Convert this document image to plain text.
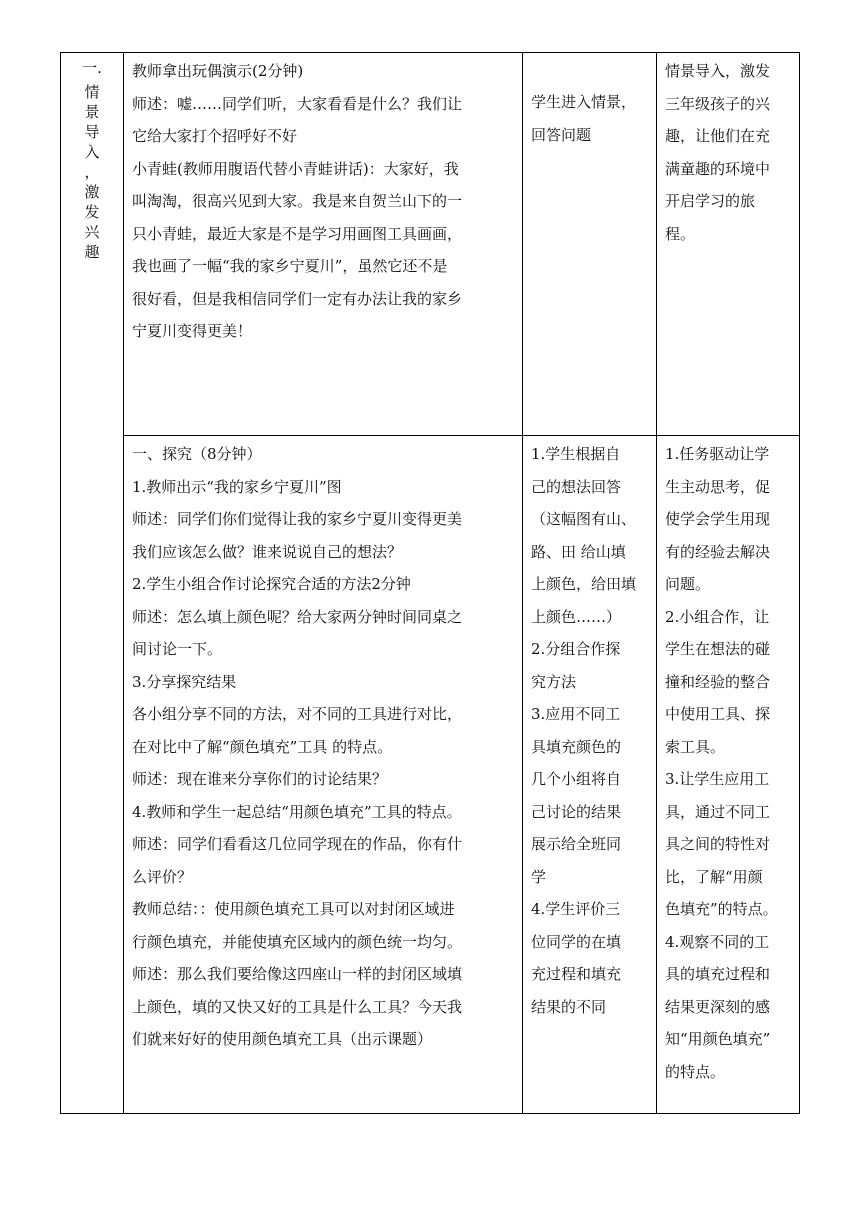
一.
情
景
导
入
，
激
发
兴
趣

教师拿出玩偶演示(2分钟)

师述：嘘……同学们听，大家看看是什么？我们让

它给大家打个招呼好不好

小青蛙(教师用腹语代替小青蛙讲话)：大家好，我

叫淘淘，很高兴见到大家。我是来自贺兰山下的一

只小青蛙，最近大家是不是学习用画图工具画画，

我也画了一幅“我的家乡宁夏川”，虽然它还不是

很好看，但是我相信同学们一定有办法让我的家乡

宁夏川变得更美！

学生进入情景，

回答问题

情景导入，激发

三年级孩子的兴

趣，让他们在充

满童趣的环境中

开启学习的旅

程。

一、探究（8分钟）

1.教师出示“我的家乡宁夏川”图

师述：同学们你们觉得让我的家乡宁夏川变得更美

我们应该怎么做？谁来说说自己的想法？

2.学生小组合作讨论探究合适的方法2分钟

师述：怎么填上颜色呢？给大家两分钟时间同桌之

间讨论一下。

3.分享探究结果

各小组分享不同的方法，对不同的工具进行对比，

在对比中了解“颜色填充”工具 的特点。

师述：现在谁来分享你们的讨论结果？

4.教师和学生一起总结“用颜色填充”工具的特点。

师述：同学们看看这几位同学现在的作品，你有什

么评价？

教师总结：：使用颜色填充工具可以对封闭区域进

行颜色填充，并能使填充区域内的颜色统一均匀。

师述：那么我们要给像这四座山一样的封闭区域填

上颜色，填的又快又好的工具是什么工具？今天我

们就来好好的使用颜色填充工具（出示课题）

1.学生根据自

己的想法回答

（这幅图有山、

路、田 给山填

上颜色，给田填

上颜色……）

2.分组合作探

究方法

3.应用不同工

具填充颜色的

几个小组将自

己讨论的结果

展示给全班同

学

4.学生评价三

位同学的在填

充过程和填充

结果的不同

1.任务驱动让学

生主动思考，促

使学会学生用现

有的经验去解决

问题。

2.小组合作，让

学生在想法的碰

撞和经验的整合

中使用工具、探

索工具。

3.让学生应用工

具，通过不同工

具之间的特性对

比，了解“用颜

色填充”的特点。

4.观察不同的工

具的填充过程和

结果更深刻的感

知“用颜色填充”

的特点。
